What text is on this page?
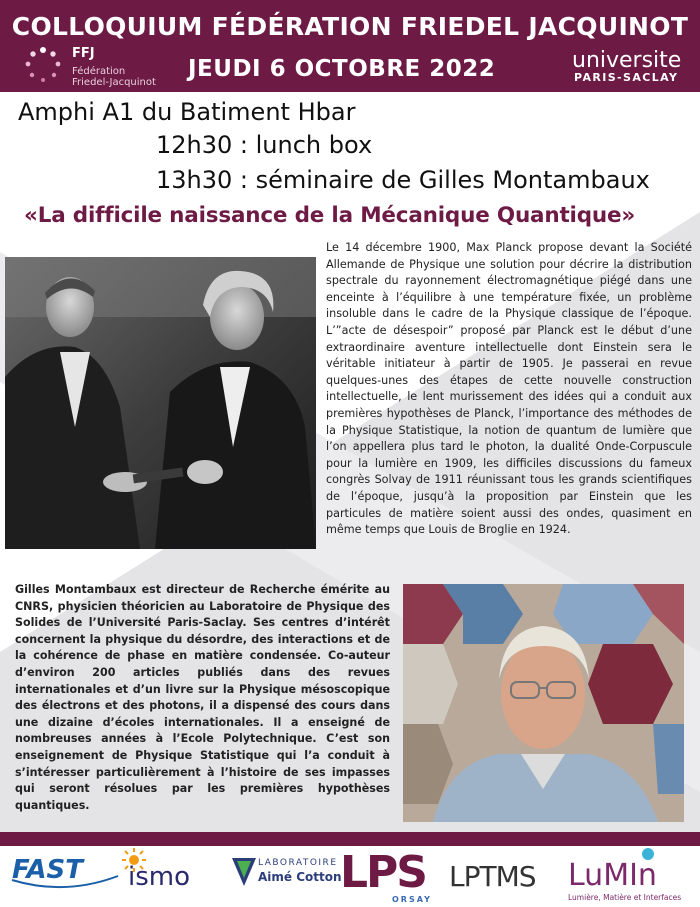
COLLOQUIUM FÉDÉRATION FRIEDEL JACQUINOT
FFJ
Fédération
Friedel-Jacquinot
JEUDI 6 OCTOBRE 2022	universite
PARIS-SACLAY
Amphi A1 du Batiment Hbar
12h30 : lunch box
13h30 : séminaire de Gilles Montambaux
«La difficile naissance de la Mécanique Quantique»
Le 14 décembre 1900, Max Planck propose devant la Société Allemande de Physique une solution pour décrire la distribution spectrale du rayonnement électromagnétique piégé dans une enceinte à l’équilibre à une température fixée, un problème insoluble dans le cadre de la Physique classique de l’époque. L’”acte de désespoir” proposé par Planck est le début d’une extraordinaire aventure intellectuelle dont Einstein sera le véritable initiateur à partir de 1905. Je passerai en revue quelques-unes des étapes de cette nouvelle construction intellectuelle, le lent murissement des idées qui a conduit aux premières hypothèses de Planck, l’importance des méthodes de la Physique Statistique, la notion de quantum de lumière que l’on appellera plus tard le photon, la dualité Onde-Corpuscule pour la lumière en 1909, les difficiles discussions du fameux congrès Solvay de 1911 réunissant tous les grands scientifiques de l’époque, jusqu’à la proposition par Einstein que les particules de matière soient aussi des ondes, quasiment en même temps que Louis de Broglie en 1924.
Gilles Montambaux est directeur de Recherche émérite au CNRS, physicien théoricien au Laboratoire de Physique des Solides de l’Université Paris-Saclay. Ses centres d’intérêt concernent la physique du désordre, des interactions et de la cohérence de phase en matière condensée. Co-auteur d’environ 200 articles publiés dans des revues internationales et d’un livre sur la Physique mésoscopique des électrons et des photons, il a dispensé des cours dans une dizaine d’écoles internationales. Il a enseigné de nombreuses années à l’Ecole Polytechnique. C’est son enseignement de Physique Statistique qui l’a conduit à s’intéresser particulièrement à l’histoire de ses impasses qui seront résolues par les premières hypothèses quantiques.
FAST ismo	LABORATOIRE
Aimé Cotton
LPS
ORSAY
LPTMS LuMIn
Lumière, Matière et Interfaces
